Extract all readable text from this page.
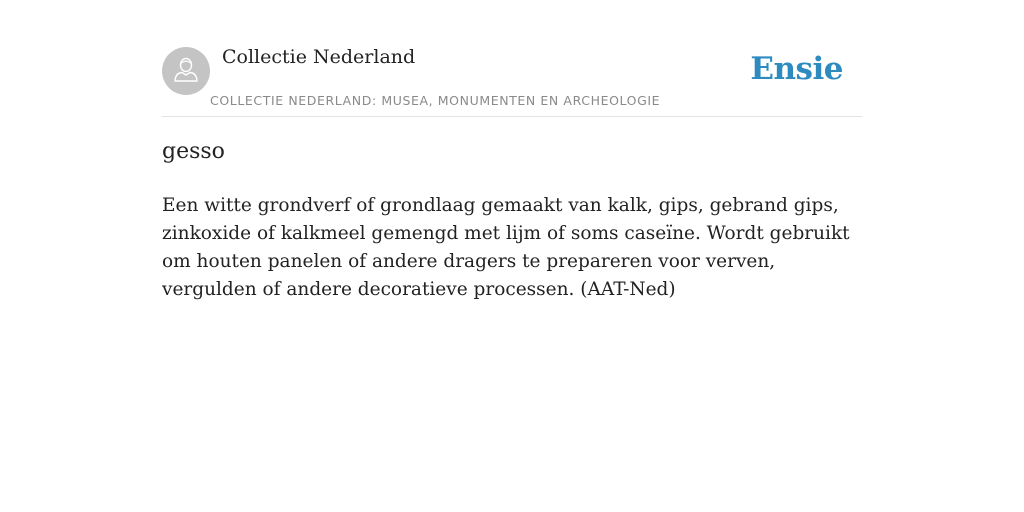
Collectie Nederland
COLLECTIE NEDERLAND: MUSEA, MONUMENTEN EN ARCHEOLOGIE
Ensie
gesso

Een witte grondverf of grondlaag gemaakt van kalk, gips, gebrand gips, zinkoxide of kalkmeel gemengd met lijm of soms caseïne. Wordt gebruikt om houten panelen of andere dragers te prepareren voor verven, vergulden of andere decoratieve processen. (AAT-Ned)
